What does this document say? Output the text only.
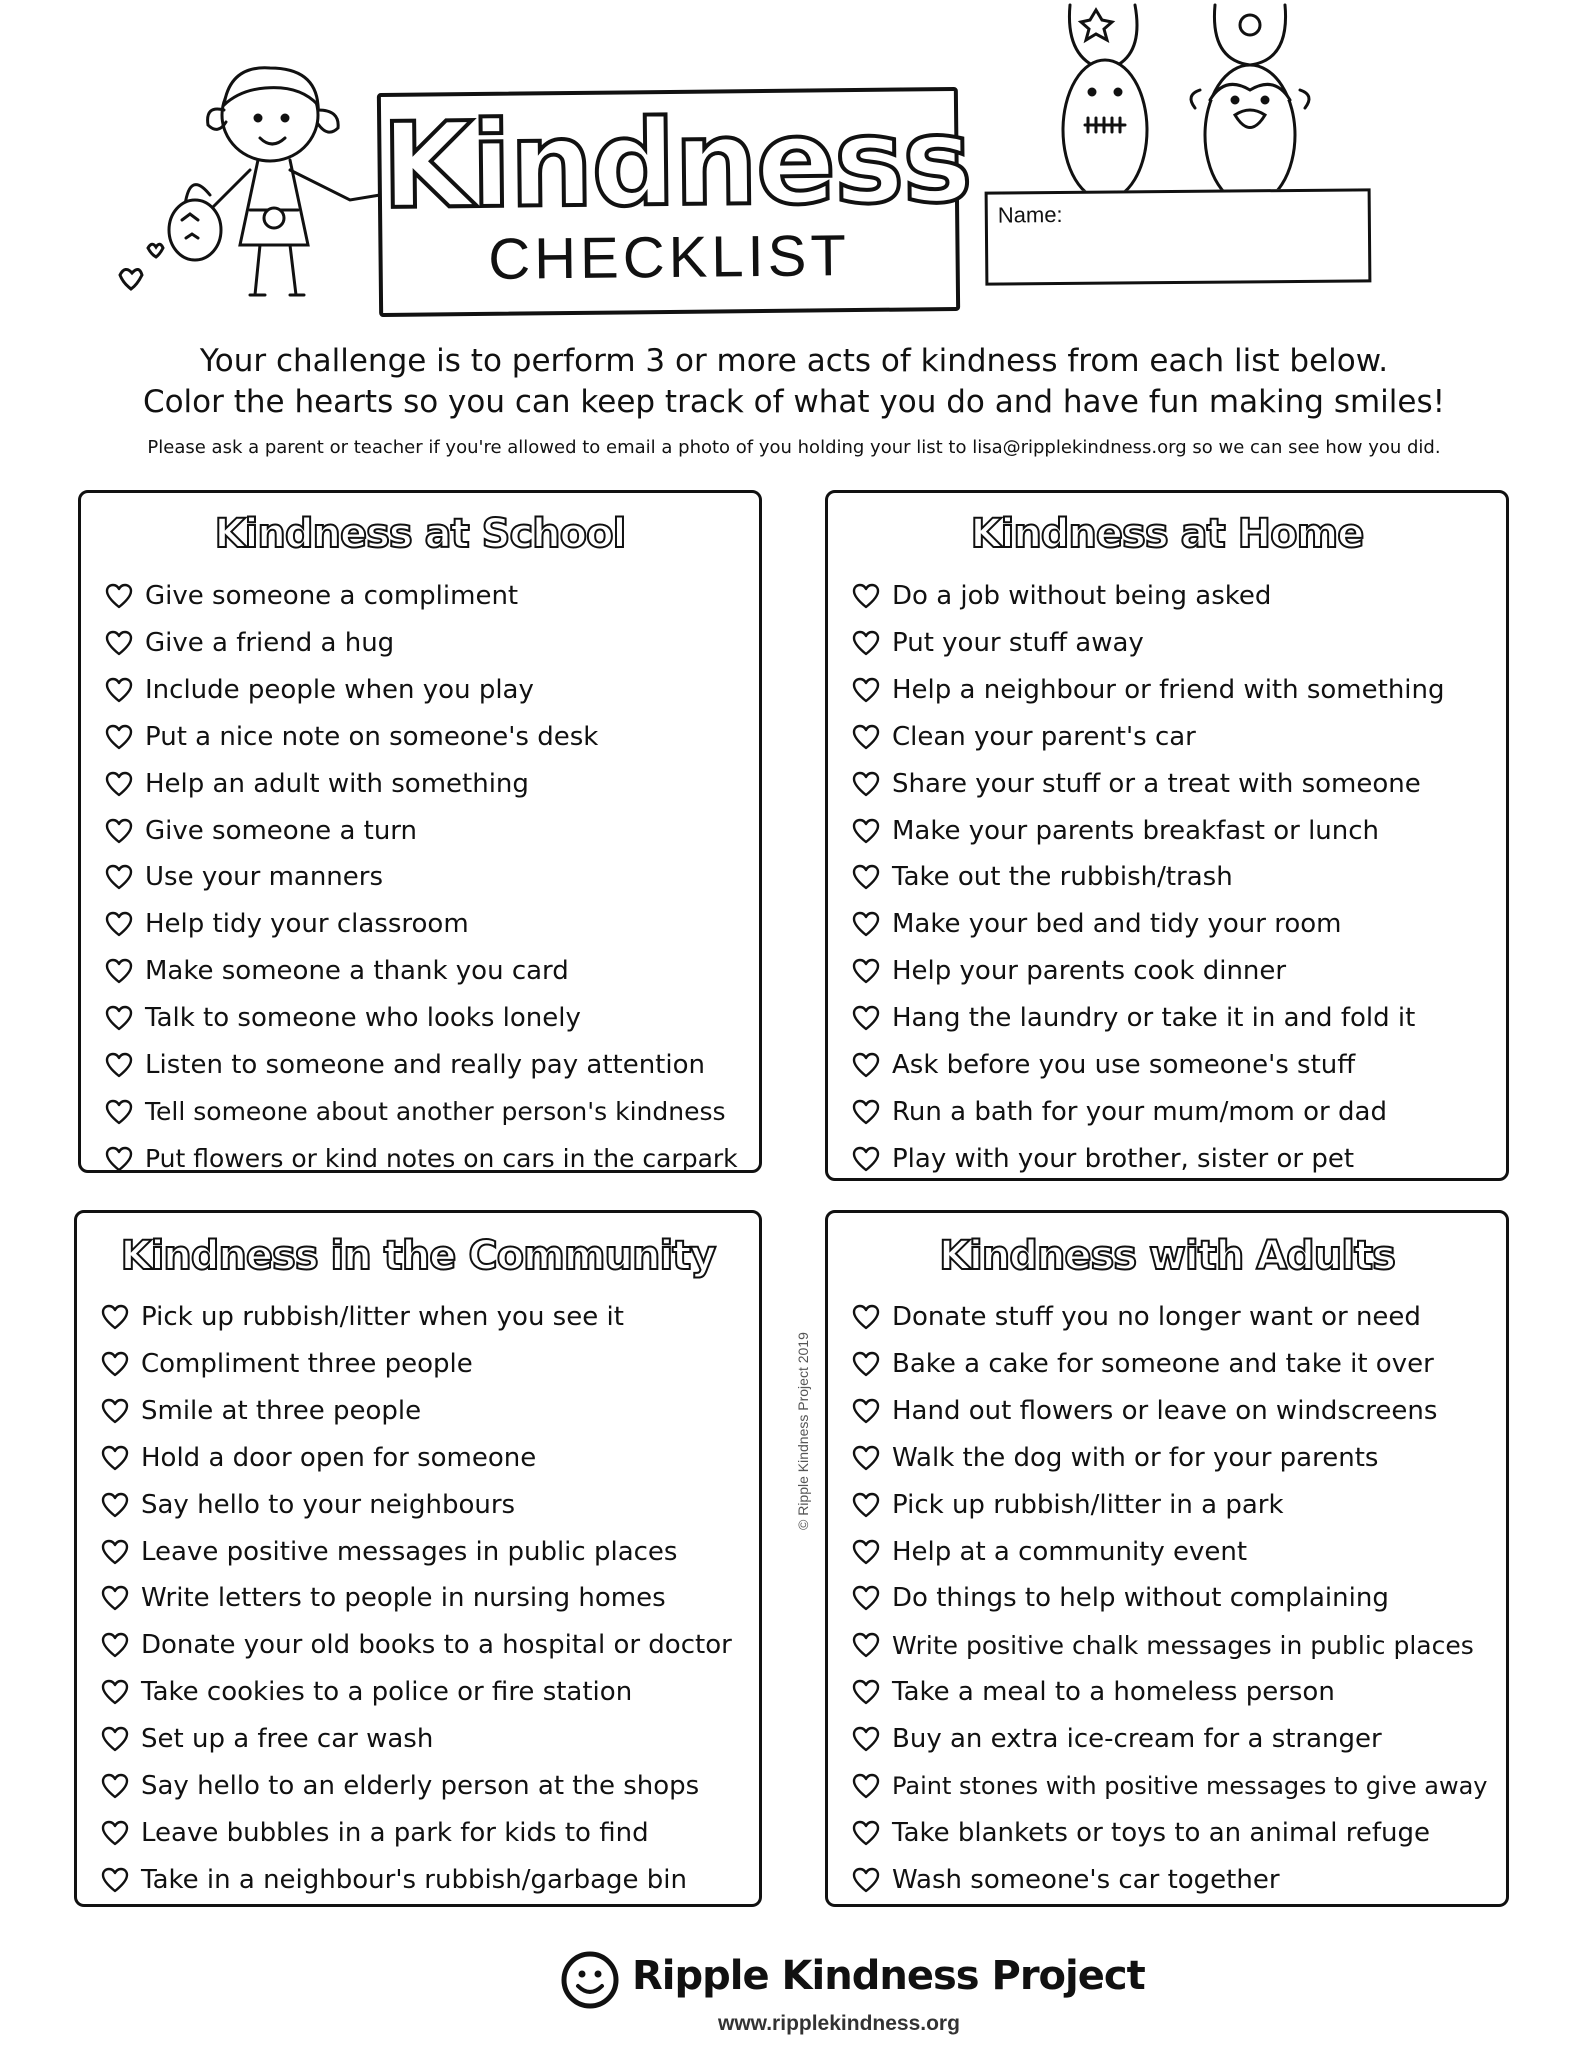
Kindness
CHECKLIST
Name:
Your challenge is to perform 3 or more acts of kindness from each list below.
Color the hearts so you can keep track of what you do and have fun making smiles!
Please ask a parent or teacher if you're allowed to email a photo of you holding your list to lisa@ripplekindness.org so we can see how you did.
Kindness at School
Give someone a compliment
Give a friend a hug
Include people when you play
Put a nice note on someone's desk
Help an adult with something
Give someone a turn
Use your manners
Help tidy your classroom
Make someone a thank you card
Talk to someone who looks lonely
Listen to someone and really pay attention
Tell someone about another person's kindness
Put flowers or kind notes on cars in the carpark
Kindness at Home
Do a job without being asked
Put your stuff away
Help a neighbour or friend with something
Clean your parent's car
Share your stuff or a treat with someone
Make your parents breakfast or lunch
Take out the rubbish/trash
Make your bed and tidy your room
Help your parents cook dinner
Hang the laundry or take it in and fold it
Ask before you use someone's stuff
Run a bath for your mum/mom or dad
Play with your brother, sister or pet
Kindness in the Community
Pick up rubbish/litter when you see it
Compliment three people
Smile at three people
Hold a door open for someone
Say hello to your neighbours
Leave positive messages in public places
Write letters to people in nursing homes
Donate your old books to a hospital or doctor
Take cookies to a police or fire station
Set up a free car wash
Say hello to an elderly person at the shops
Leave bubbles in a park for kids to find
Take in a neighbour's rubbish/garbage bin
Kindness with Adults
Donate stuff you no longer want or need
Bake a cake for someone and take it over
Hand out flowers or leave on windscreens
Walk the dog with or for your parents
Pick up rubbish/litter in a park
Help at a community event
Do things to help without complaining
Write positive chalk messages in public places
Take a meal to a homeless person
Buy an extra ice-cream for a stranger
Paint stones with positive messages to give away
Take blankets or toys to an animal refuge
Wash someone's car together
© Ripple Kindness Project 2019
Ripple Kindness Project
www.ripplekindness.org
